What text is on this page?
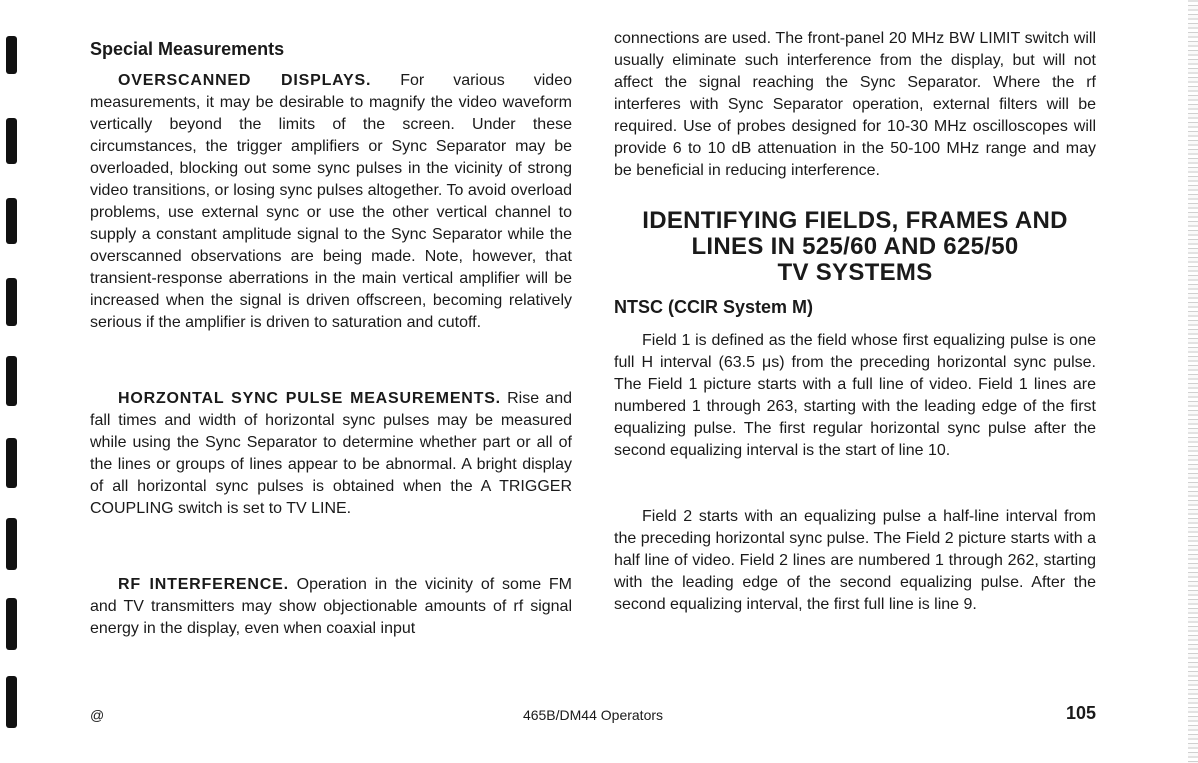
Special Measurements

OVERSCANNED DISPLAYS. For various video measurements, it may be desirable to magnify the video waveform vertically beyond the limits of the screen. Under these circumstances, the trigger amplifiers or Sync Separator may be overloaded, blocking out some sync pulses in the vicinity of strong video transitions, or losing sync pulses altogether. To avoid overload problems, use external sync or use the other vertical channel to supply a constant amplitude signal to the Sync Separator while the overscanned observations are being made. Note, however, that transient-response aberrations in the main vertical amplifier will be increased when the signal is driven offscreen, becoming relatively serious if the amplifier is driven to saturation and cutoff.

HORZONTAL SYNC PULSE MEASUREMENTS. Rise and fall times and width of horizontal sync pulses may be measured while using the Sync Separator to determine whether part or all of the lines or groups of lines appear to be abnormal. A bright display of all horizontal sync pulses is obtained when the A TRIGGER COUPLING switch is set to TV LINE.

RF INTERFERENCE. Operation in the vicinity of some FM and TV transmitters may show objectionable amounts of rf signal energy in the display, even when coaxial input

connections are used. The front-panel 20 MHz BW LIMIT switch will usually eliminate such interference from the display, but will not affect the signal reaching the Sync Separator. Where the rf interferes with Sync Separator operation, external filters will be required. Use of probes designed for 10-30 MHz oscilloscopes will provide 6 to 10 dB attenuation in the 50-100 MHz range and may be beneficial in reducing interference.

IDENTIFYING FIELDS, FRAMES AND
LINES IN 525/60 AND 625/50
TV SYSTEMS
NTSC (CCIR System M)

Field 1 is defined as the field whose first equalizing pulse is one full H interval (63.5 μs) from the preceding horizontal sync pulse. The Field 1 picture starts with a full line of video. Field 1 lines are numbered 1 through 263, starting with the leading edge of the first equalizing pulse. The first regular horizontal sync pulse after the second equalizing interval is the start of line 10.

Field 2 starts with an equalizing pulse a half-line interval from the preceding horizontal sync pulse. The Field 2 picture starts with a half line of video. Field 2 lines are numbered 1 through 262, starting with the leading edge of the second equalizing pulse. After the second equalizing interval, the first full line is line 9.

@	465B/DM44 Operators	105
